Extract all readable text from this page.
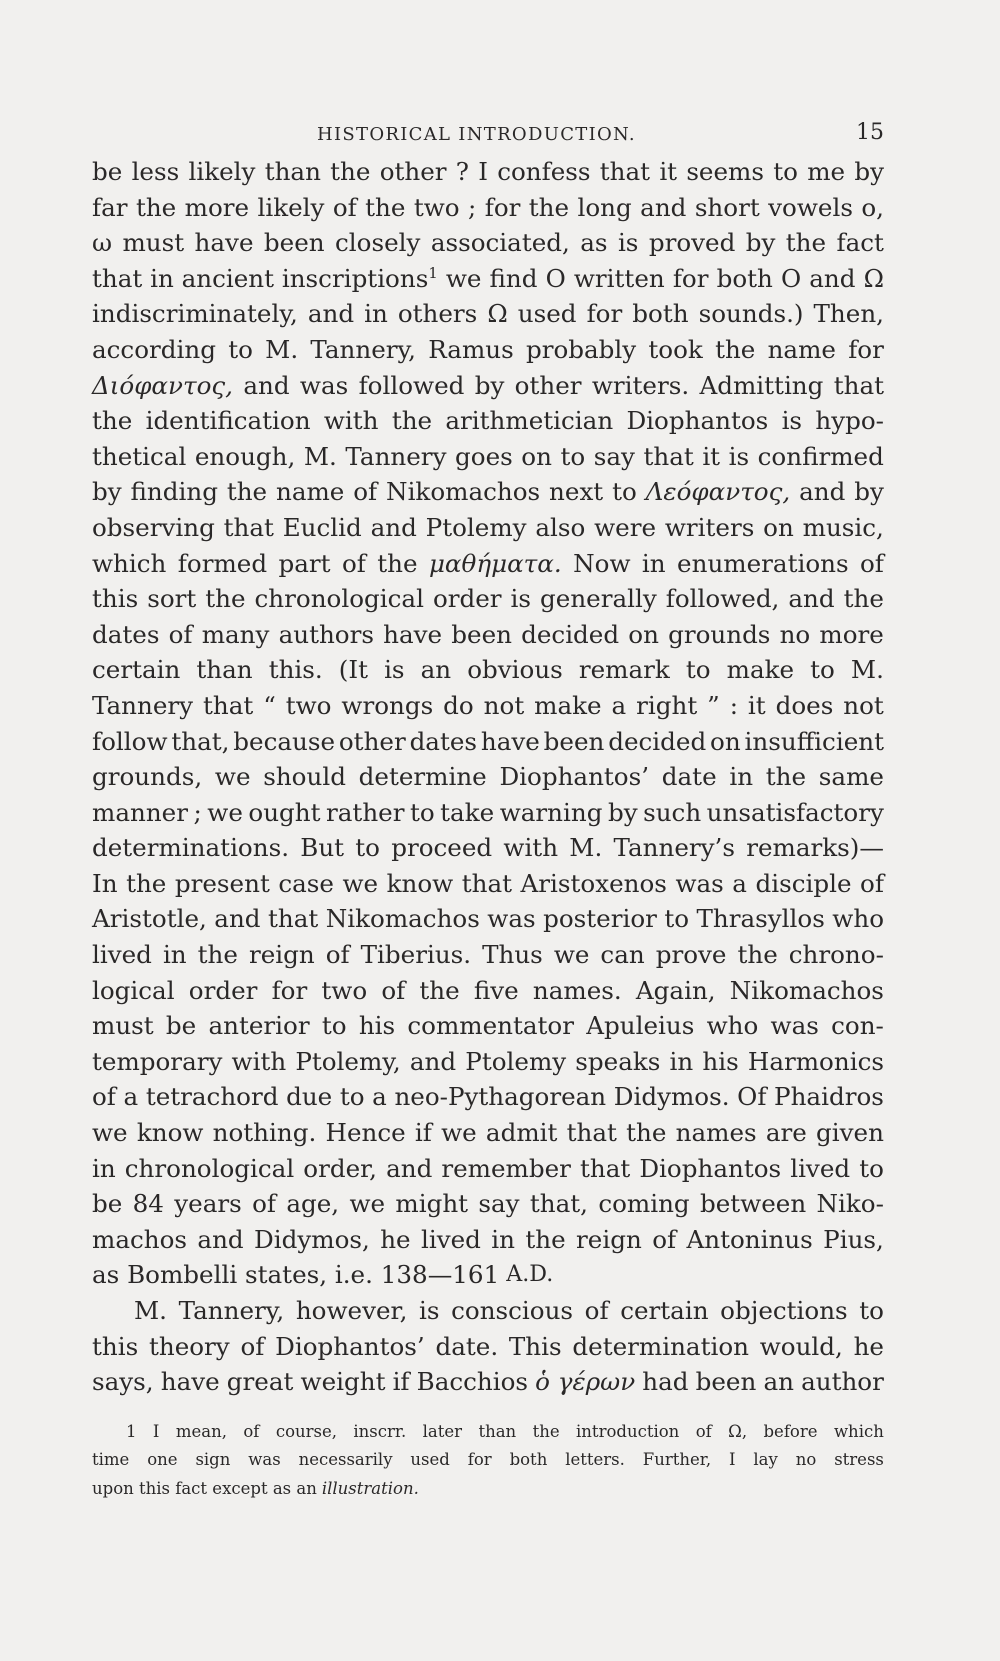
HISTORICAL INTRODUCTION.	15
be less likely than the other ? I confess that it seems to me by
far the more likely of the two ; for the long and short vowels ο,
ω must have been closely associated, as is proved by the fact
that in ancient inscriptions$^1$ we find O written for both O and Ω
indiscriminately, and in others Ω used for both sounds.) Then,
according to M. Tannery, Ramus probably took the name for
Διόφαντος, and was followed by other writers. Admitting that
the identification with the arithmetician Diophantos is hypo-
thetical enough, M. Tannery goes on to say that it is confirmed
by finding the name of Nikomachos next to Λεόφαντος, and by
observing that Euclid and Ptolemy also were writers on music,
which formed part of the μαθήματα. Now in enumerations of
this sort the chronological order is generally followed, and the
dates of many authors have been decided on grounds no more
certain than this. (It is an obvious remark to make to M.
Tannery that “ two wrongs do not make a right ” : it does not
follow that, because other dates have been decided on insufficient
grounds, we should determine Diophantos’ date in the same
manner ; we ought rather to take warning by such unsatisfactory
determinations. But to proceed with M. Tannery’s remarks)—
In the present case we know that Aristoxenos was a disciple of
Aristotle, and that Nikomachos was posterior to Thrasyllos who
lived in the reign of Tiberius. Thus we can prove the chrono-
logical order for two of the five names. Again, Nikomachos
must be anterior to his commentator Apuleius who was con-
temporary with Ptolemy, and Ptolemy speaks in his Harmonics
of a tetrachord due to a neo-Pythagorean Didymos. Of Phaidros
we know nothing. Hence if we admit that the names are given
in chronological order, and remember that Diophantos lived to
be 84 years of age, we might say that, coming between Niko-
machos and Didymos, he lived in the reign of Antoninus Pius,
as Bombelli states, i.e. 138—161 A.D.
M. Tannery, however, is conscious of certain objections to
this theory of Diophantos’ date. This determination would, he
says, have great weight if Bacchios ὁ γέρων had been an author
1 I mean, of course, inscrr. later than the introduction of Ω, before which
time one sign was necessarily used for both letters. Further, I lay no stress
upon this fact except as an illustration.
